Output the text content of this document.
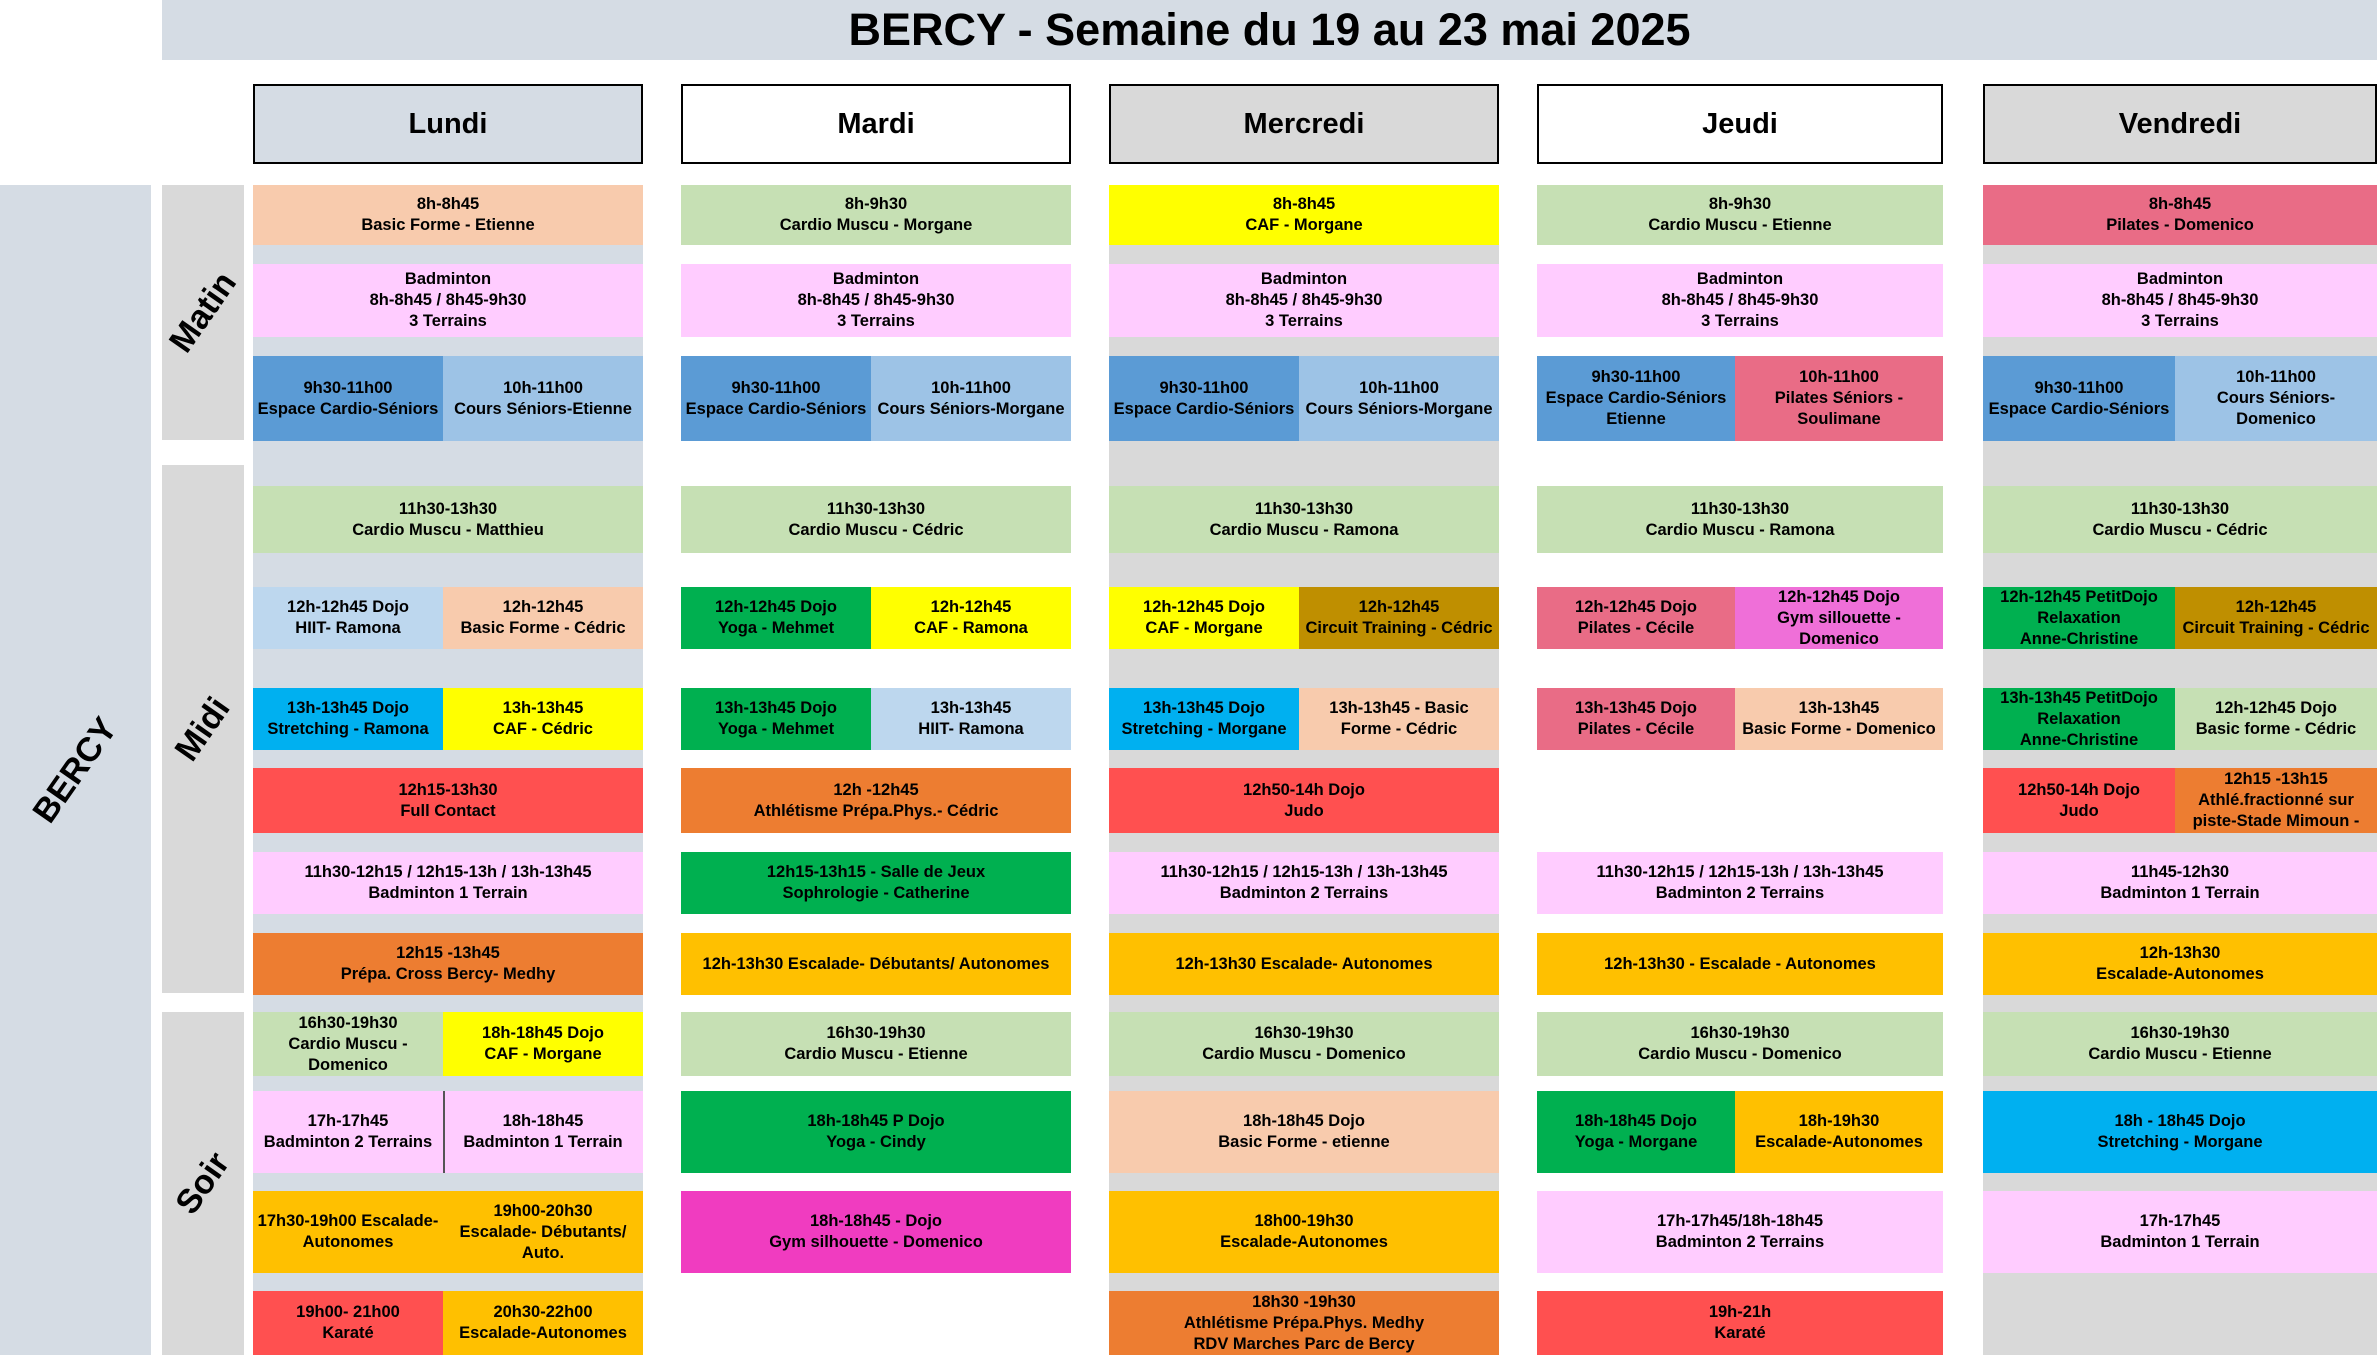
BERCY - Semaine du 19 au 23 mai 2025
BERCY
Matin
Midi
Soir
Lundi
8h-8h45
Basic Forme - Etienne
Badminton
8h-8h45 / 8h45-9h30
3 Terrains
9h30-11h00
Espace Cardio-Séniors
10h-11h00
Cours Séniors-Etienne
11h30-13h30
Cardio Muscu - Matthieu
12h-12h45 Dojo
HIIT- Ramona
12h-12h45
Basic Forme - Cédric
13h-13h45 Dojo
Stretching - Ramona
13h-13h45
CAF - Cédric
12h15-13h30
Full Contact
11h30-12h15 / 12h15-13h / 13h-13h45
Badminton 1 Terrain
12h15 -13h45
Prépa. Cross Bercy- Medhy
16h30-19h30
Cardio Muscu -
Domenico
18h-18h45 Dojo
CAF - Morgane
17h-17h45
Badminton 2 Terrains
18h-18h45
Badminton 1 Terrain
17h30-19h00 Escalade-
Autonomes
19h00-20h30
Escalade- Débutants/
Auto.
19h00- 21h00
Karaté
20h30-22h00
Escalade-Autonomes
Mardi
8h-9h30
Cardio Muscu - Morgane
Badminton
8h-8h45 / 8h45-9h30
3 Terrains
9h30-11h00
Espace Cardio-Séniors
10h-11h00
Cours Séniors-Morgane
11h30-13h30
Cardio Muscu - Cédric
12h-12h45 Dojo
Yoga - Mehmet
12h-12h45
CAF - Ramona
13h-13h45 Dojo
Yoga - Mehmet
13h-13h45
HIIT- Ramona
12h -12h45
Athlétisme Prépa.Phys.- Cédric
12h15-13h15 - Salle de Jeux
Sophrologie - Catherine
12h-13h30 Escalade- Débutants/ Autonomes
16h30-19h30
Cardio Muscu - Etienne
18h-18h45 P Dojo
Yoga - Cindy
18h-18h45 - Dojo
Gym silhouette - Domenico
Mercredi
8h-8h45
CAF - Morgane
Badminton
8h-8h45 / 8h45-9h30
3 Terrains
9h30-11h00
Espace Cardio-Séniors
10h-11h00
Cours Séniors-Morgane
11h30-13h30
Cardio Muscu - Ramona
12h-12h45 Dojo
CAF - Morgane
12h-12h45
Circuit Training - Cédric
13h-13h45 Dojo
Stretching - Morgane
13h-13h45 - Basic
Forme - Cédric
12h50-14h Dojo
Judo
11h30-12h15 / 12h15-13h / 13h-13h45
Badminton 2 Terrains
12h-13h30 Escalade- Autonomes
16h30-19h30
Cardio Muscu - Domenico
18h-18h45 Dojo
Basic Forme - etienne
18h00-19h30
Escalade-Autonomes
18h30 -19h30
Athlétisme Prépa.Phys. Medhy
RDV Marches Parc de Bercy
Jeudi
8h-9h30
Cardio Muscu - Etienne
Badminton
8h-8h45 / 8h45-9h30
3 Terrains
9h30-11h00
Espace Cardio-Séniors
Etienne
10h-11h00
Pilates Séniors -
Soulimane
11h30-13h30
Cardio Muscu - Ramona
12h-12h45 Dojo
Pilates - Cécile
12h-12h45 Dojo
Gym sillouette -
Domenico
13h-13h45 Dojo
Pilates - Cécile
13h-13h45
Basic Forme - Domenico
11h30-12h15 / 12h15-13h / 13h-13h45
Badminton 2 Terrains
12h-13h30 - Escalade - Autonomes
16h30-19h30
Cardio Muscu - Domenico
18h-18h45 Dojo
Yoga - Morgane
18h-19h30
Escalade-Autonomes
17h-17h45/18h-18h45
Badminton 2 Terrains
19h-21h
Karaté
Vendredi
8h-8h45
Pilates - Domenico
Badminton
8h-8h45 / 8h45-9h30
3 Terrains
9h30-11h00
Espace Cardio-Séniors
10h-11h00
Cours Séniors-
Domenico
11h30-13h30
Cardio Muscu - Cédric
12h-12h45 PetitDojo
Relaxation
Anne-Christine
12h-12h45
Circuit Training - Cédric
13h-13h45 PetitDojo
Relaxation
Anne-Christine
12h-12h45 Dojo
Basic forme - Cédric
12h50-14h Dojo
Judo
12h15 -13h15
Athlé.fractionné sur
piste-Stade Mimoun -
11h45-12h30
Badminton 1 Terrain
12h-13h30
Escalade-Autonomes
16h30-19h30
Cardio Muscu - Etienne
18h - 18h45 Dojo
Stretching - Morgane
17h-17h45
Badminton 1 Terrain
